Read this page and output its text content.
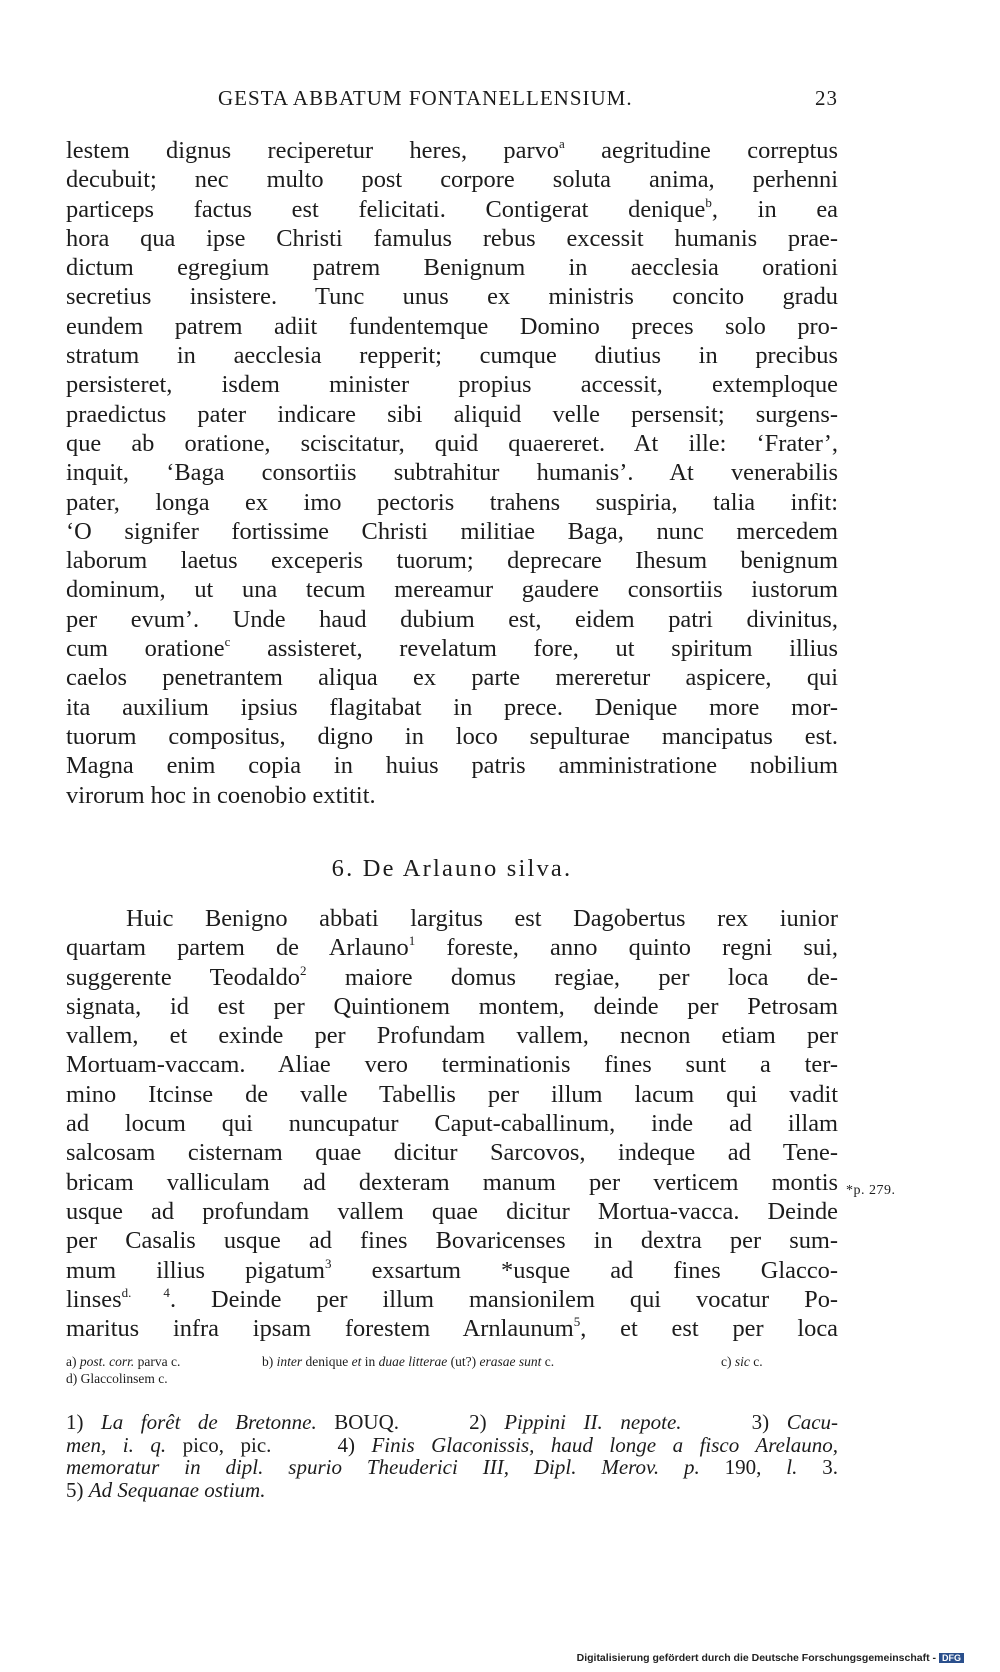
GESTA ABBATUM FONTANELLENSIUM.	23
lestem dignus reciperetur heres, parvo$^a$ aegritudine correptus
decubuit; nec multo post corpore soluta anima, perhenni
particeps factus est felicitati. Contigerat denique$^b$, in ea
hora qua ipse Christi famulus rebus excessit humanis prae-
dictum egregium patrem Benignum in aecclesia orationi
secretius insistere. Tunc unus ex ministris concito gradu
eundem patrem adiit fundentemque Domino preces solo pro-
stratum in aecclesia repperit; cumque diutius in precibus
persisteret, isdem minister propius accessit, extemploque
praedictus pater indicare sibi aliquid velle persensit; surgens-
que ab oratione, sciscitatur, quid quaereret. At ille: ‘Frater’,
inquit, ‘Baga consortiis subtrahitur humanis’. At venerabilis
pater, longa ex imo pectoris trahens suspiria, talia infit:
‘O signifer fortissime Christi militiae Baga, nunc mercedem
laborum laetus exceperis tuorum; deprecare Ihesum benignum
dominum, ut una tecum mereamur gaudere consortiis iustorum
per evum’. Unde haud dubium est, eidem patri divinitus,
cum oratione$^c$ assisteret, revelatum fore, ut spiritum illius
caelos penetrantem aliqua ex parte mereretur aspicere, qui
ita auxilium ipsius flagitabat in prece. Denique more mor-
tuorum compositus, digno in loco sepulturae mancipatus est.
Magna enim copia in huius patris amministratione nobilium
virorum hoc in coenobio extitit.
6. De Arlauno silva.
Huic Benigno abbati largitus est Dagobertus rex iunior
quartam partem de Arlauno$^1$ foreste, anno quinto regni sui,
suggerente Teodaldo$^2$ maiore domus regiae, per loca de-
signata, id est per Quintionem montem, deinde per Petrosam
vallem, et exinde per Profundam vallem, necnon etiam per
Mortuam-vaccam. Aliae vero terminationis fines sunt a ter-
mino Itcinse de valle Tabellis per illum lacum qui vadit
ad locum qui nuncupatur Caput-caballinum, inde ad illam
salcosam cisternam quae dicitur Sarcovos, indeque ad Tene-
bricam valliculam ad dexteram manum per verticem montis
usque ad profundam vallem quae dicitur Mortua-vacca. Deinde
per Casalis usque ad fines Bovaricenses in dextra per sum-
mum illius pigatum$^3$ exsartum *usque ad fines Glacco-
linses$^{d. 4}$. Deinde per illum mansionilem qui vocatur Po-
maritus infra ipsam forestem Arnlaunum$^5$, et est per loca
a) post. corr. parva c.	b) inter denique et in duae litterae (ut?) erasae sunt c.	c) sic c.
d) Glaccolinsem c.
1) La forêt de Bretonne. BOUQ.	2) Pippini II. nepote.	3) Cacu-
men, i. q. pico, pic.	4) Finis Glaconissis, haud longe a fisco Arelauno,
memoratur in dipl. spurio Theuderici III, Dipl. Merov. p. 190, l. 3.
5) Ad Sequanae ostium.
*p. 279.
Digitalisierung gefördert durch die Deutsche Forschungsgemeinschaft - DFG
